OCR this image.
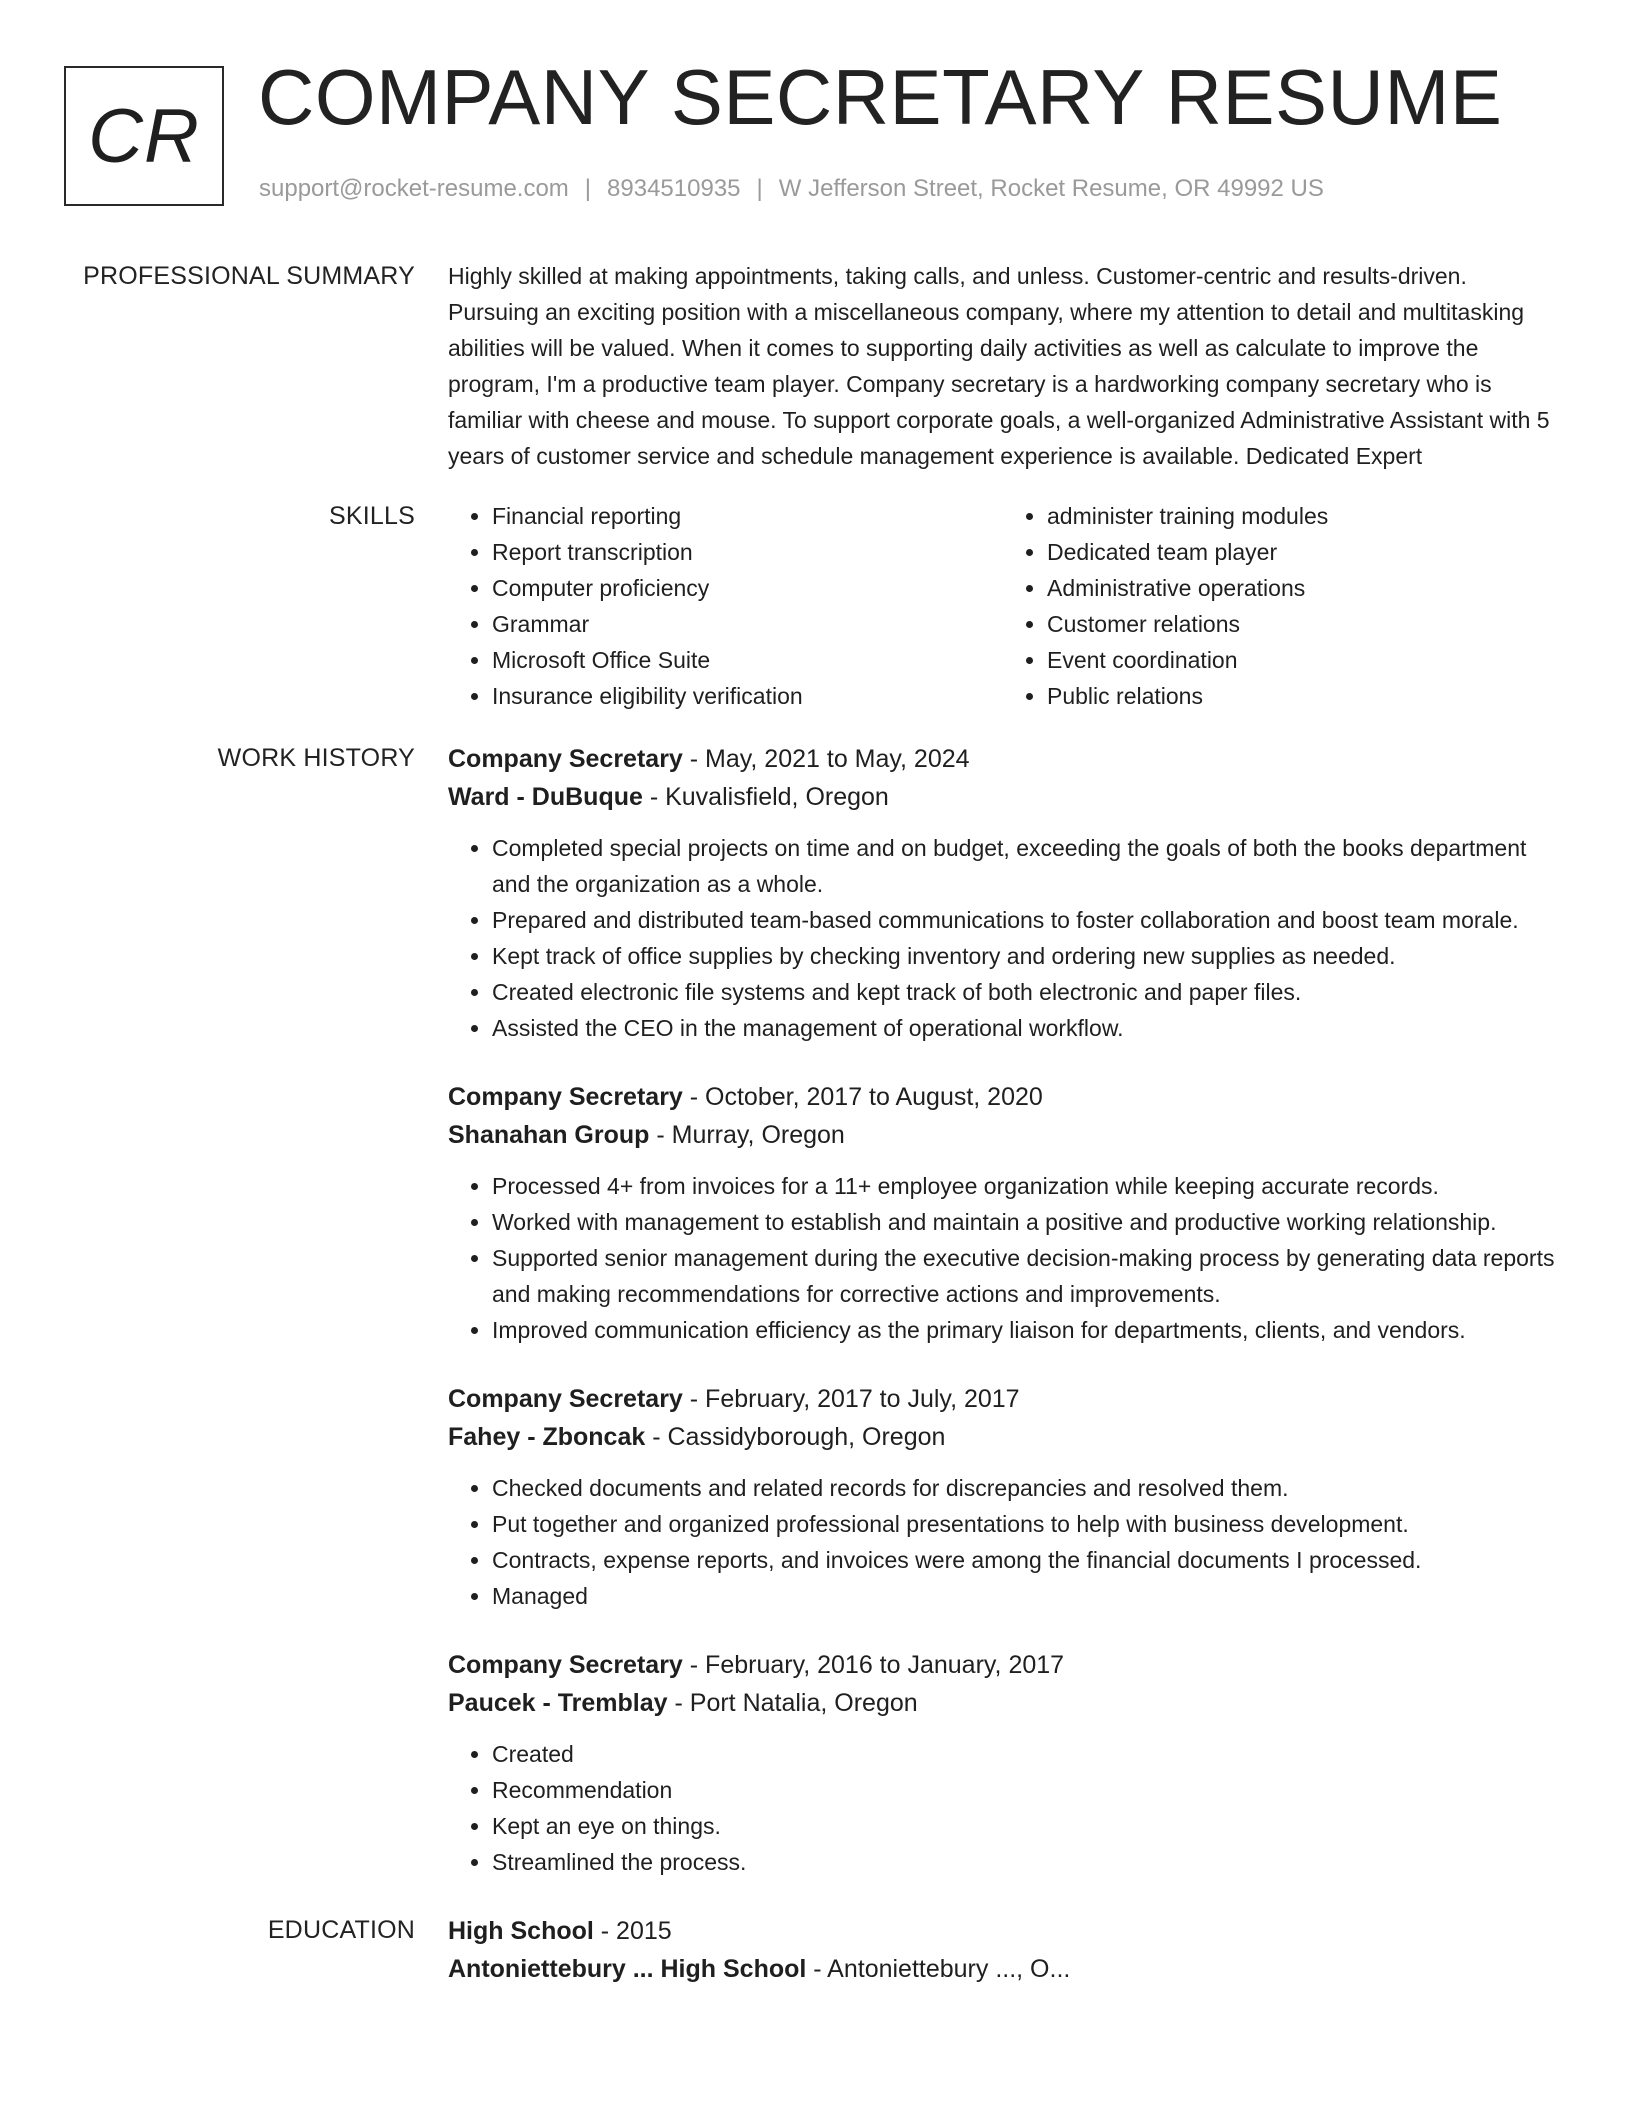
CR COMPANY SECRETARY RESUME
support@rocket-resume.com | 8934510935 | W Jefferson Street, Rocket Resume, OR 49992 US
PROFESSIONAL SUMMARY Highly skilled at making appointments, taking calls, and unless. Customer-centric and results-driven. Pursuing an exciting position with a miscellaneous company, where my attention to detail and multitasking abilities will be valued. When it comes to supporting daily activities as well as calculate to improve the program, I'm a productive team player. Company secretary is a hardworking company secretary who is familiar with cheese and mouse. To support corporate goals, a well-organized Administrative Assistant with 5 years of customer service and schedule management experience is available. Dedicated Expert

SKILLS
•	Financial reporting
• Report transcription
• Computer proficiency
• Grammar
• Microsoft Office Suite
• Insurance eligibility verification
• administer training modules
• Dedicated team player
• Administrative operations
• Customer relations
• Event coordination
• Public relations
WORK HISTORY Company Secretary - May, 2021 to May, 2024
Ward - DuBuque - Kuvalisfield, Oregon
• Completed special projects on time and on budget, exceeding the goals of both the books department and the organization as a whole.
• Prepared and distributed team-based communications to foster collaboration and boost team morale.
• Kept track of office supplies by checking inventory and ordering new supplies as needed.
• Created electronic file systems and kept track of both electronic and paper files.
• Assisted the CEO in the management of operational workflow.
Company Secretary - October, 2017 to August, 2020
Shanahan Group - Murray, Oregon
• Processed 4+ from invoices for a 11+ employee organization while keeping accurate records.
• Worked with management to establish and maintain a positive and productive working relationship.
• Supported senior management during the executive decision-making process by generating data reports and making recommendations for corrective actions and improvements.
• Improved communication efficiency as the primary liaison for departments, clients, and vendors.
Company Secretary - February, 2017 to July, 2017
Fahey - Zboncak - Cassidyborough, Oregon
• Checked documents and related records for discrepancies and resolved them.
• Put together and organized professional presentations to help with business development.
• Contracts, expense reports, and invoices were among the financial documents I processed.
• Managed
Company Secretary - February, 2016 to January, 2017
Paucek - Tremblay - Port Natalia, Oregon
• Created
• Recommendation
• Kept an eye on things.
• Streamlined the process.
EDUCATION High School - 2015
Antoniettebury ... High School - Antoniettebury ..., O...
